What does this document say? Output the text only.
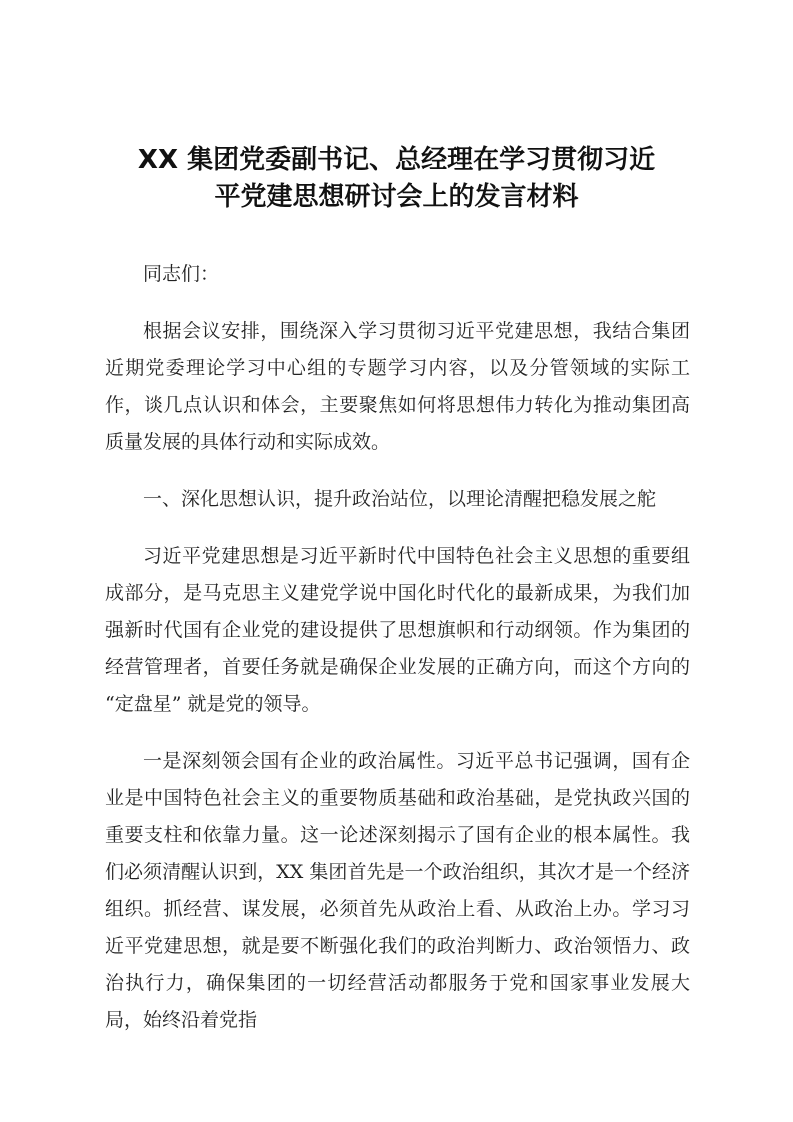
XX 集团党委副书记、总经理在学习贯彻习近
平党建思想研讨会上的发言材料

同志们：

根据会议安排，围绕深入学习贯彻习近平党建思想，我结合集团近期党委理论学习中心组的专题学习内容，以及分管领域的实际工作，谈几点认识和体会，主要聚焦如何将思想伟力转化为推动集团高质量发展的具体行动和实际成效。

一、深化思想认识，提升政治站位，以理论清醒把稳发展之舵

习近平党建思想是习近平新时代中国特色社会主义思想的重要组成部分，是马克思主义建党学说中国化时代化的最新成果，为我们加强新时代国有企业党的建设提供了思想旗帜和行动纲领。作为集团的经营管理者，首要任务就是确保企业发展的正确方向，而这个方向的 “定盘星” 就是党的领导。

一是深刻领会国有企业的政治属性。习近平总书记强调，国有企业是中国特色社会主义的重要物质基础和政治基础，是党执政兴国的重要支柱和依靠力量。这一论述深刻揭示了国有企业的根本属性。我们必须清醒认识到，XX 集团首先是一个政治组织，其次才是一个经济组织。抓经营、谋发展，必须首先从政治上看、从政治上办。学习习近平党建思想，就是要不断强化我们的政治判断力、政治领悟力、政治执行力，确保集团的一切经营活动都服务于党和国家事业发展大局，始终沿着党指
